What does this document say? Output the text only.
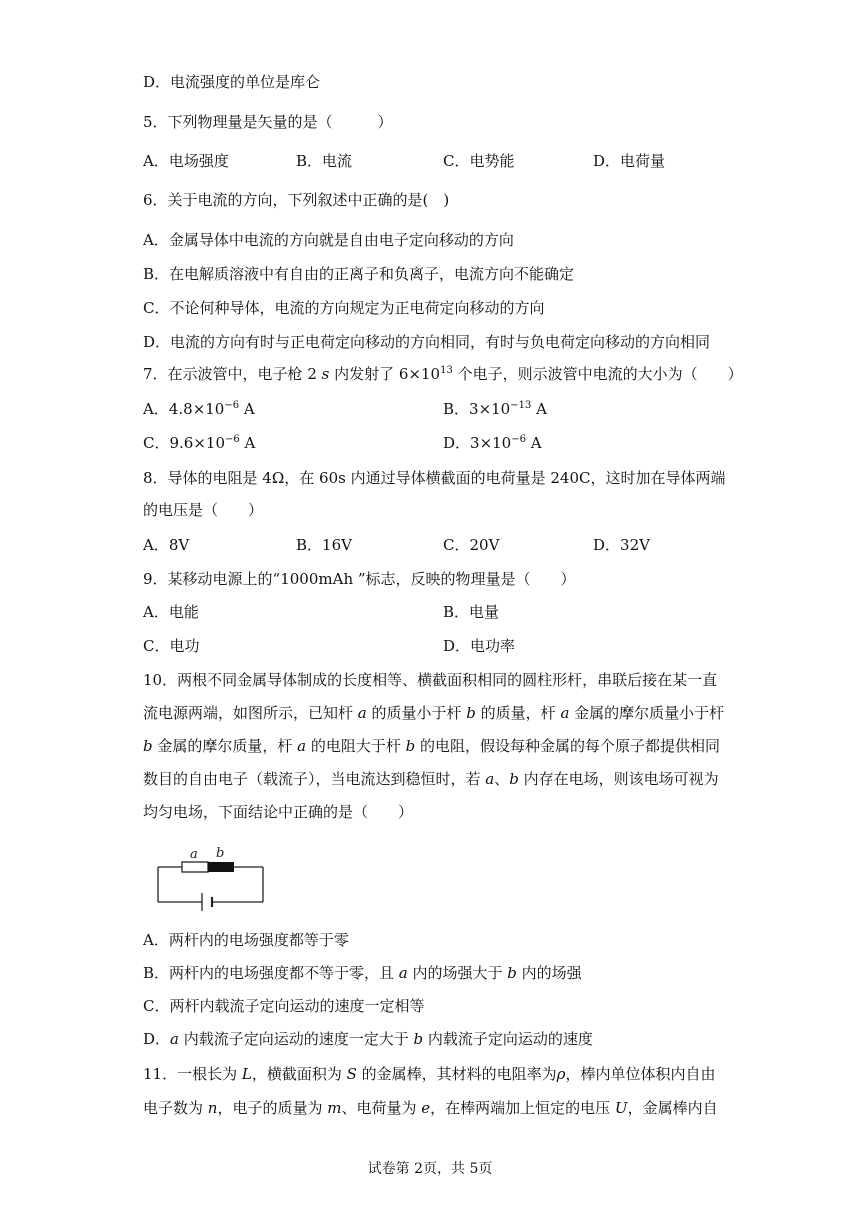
D．电流强度的单位是库仑
5．下列物理量是矢量的是（　　　）
A．电场强度	B．电流	C．电势能	D．电荷量
6．关于电流的方向，下列叙述中正确的是(　)
A．金属导体中电流的方向就是自由电子定向移动的方向
B．在电解质溶液中有自由的正离子和负离子，电流方向不能确定
C．不论何种导体，电流的方向规定为正电荷定向移动的方向
D．电流的方向有时与正电荷定向移动的方向相同，有时与负电荷定向移动的方向相同
7．在示波管中，电子枪 2 s 内发射了 $6\times 10^{13}$ 个电子，则示波管中电流的大小为（　　）
A．$4.8\times 10^{-6}$ A	B．$3\times 10^{-13}$ A
C．$9.6\times 10^{-6}$ A	D．$3\times 10^{-6}$ A
8．导体的电阻是 4Ω，在 60s 内通过导体横截面的电荷量是 240C，这时加在导体两端
的电压是（　　）
A．8V	B．16V	C．20V	D．32V
9．某移动电源上的“1000mAh ”标志，反映的物理量是（　　）
A．电能	B．电量
C．电功	D．电功率
10．两根不同金属导体制成的长度相等、横截面积相同的圆柱形杆，串联后接在某一直
流电源两端，如图所示，已知杆 a 的质量小于杆 b 的质量，杆 a 金属的摩尔质量小于杆
b 金属的摩尔质量，杆 a 的电阻大于杆 b 的电阻，假设每种金属的每个原子都提供相同
数目的自由电子（载流子），当电流达到稳恒时，若 a、b 内存在电场，则该电场可视为
均匀电场，下面结论中正确的是（　　）
a b
A．两杆内的电场强度都等于零
B．两杆内的电场强度都不等于零，且 a 内的场强大于 b 内的场强
C．两杆内载流子定向运动的速度一定相等
D．a 内载流子定向运动的速度一定大于 b 内载流子定向运动的速度
11．一根长为 L，横截面积为 S 的金属棒，其材料的电阻率为ρ，棒内单位体积内自由
电子数为 n，电子的质量为 m、电荷量为 e，在棒两端加上恒定的电压 U，金属棒内自
试卷第 2页，共 5页
